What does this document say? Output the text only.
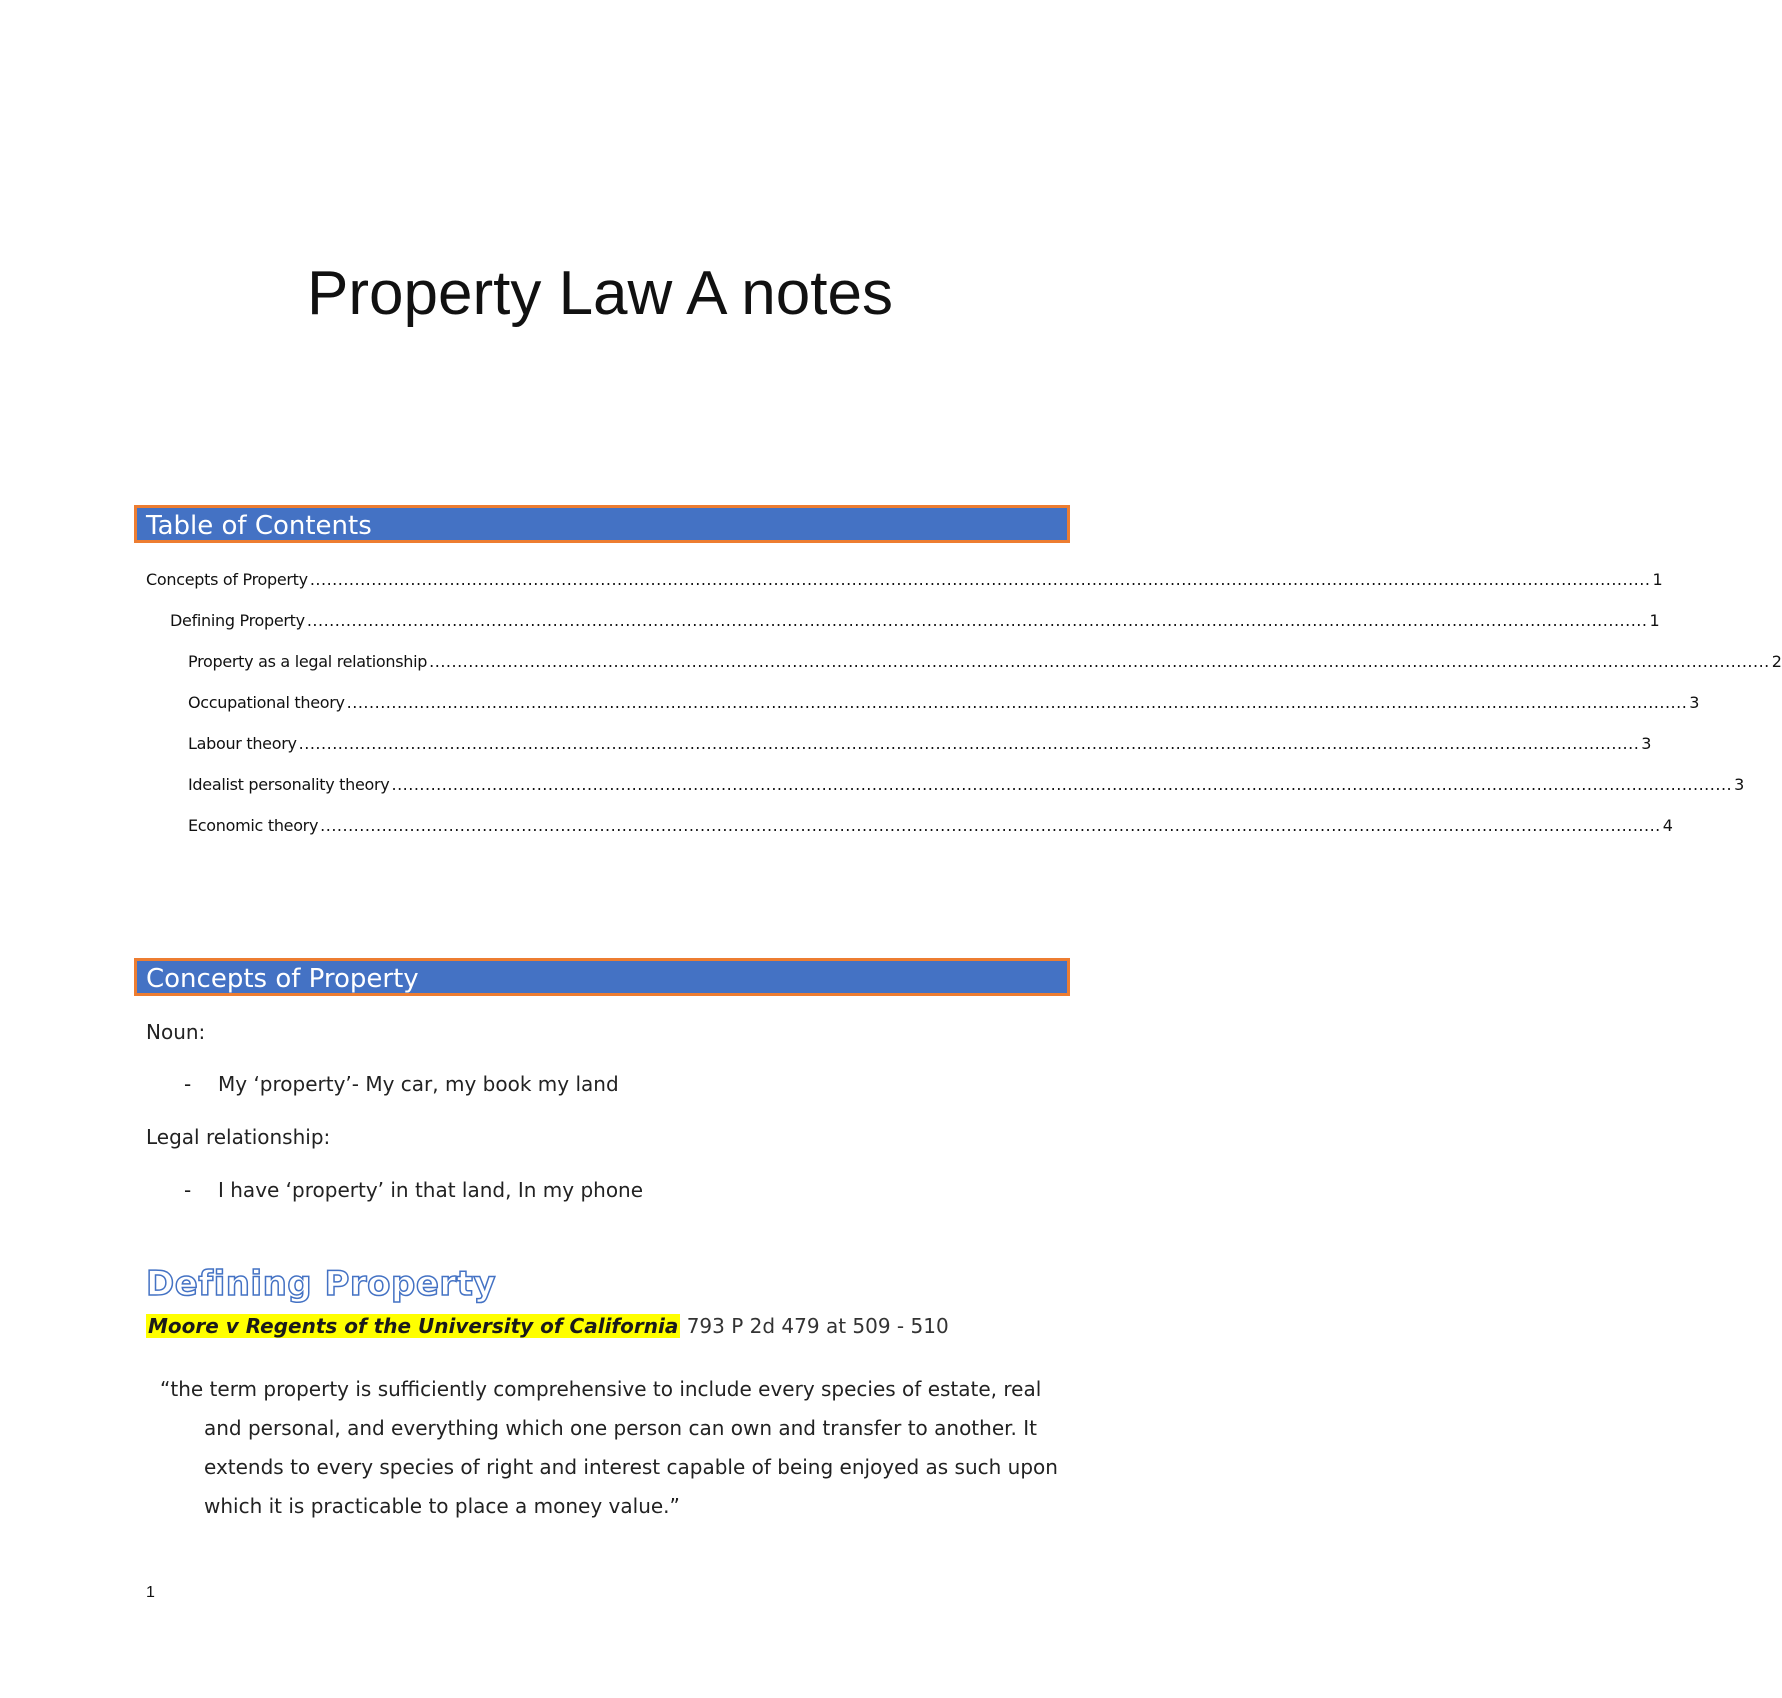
Property Law A notes
Table of Contents
Concepts of Property ................................................................................................................................................................................................................................................ 1
Defining Property ................................................................................................................................................................................................................................................ 1
Property as a legal relationship ................................................................................................................................................................................................................................................ 2
Occupational theory ................................................................................................................................................................................................................................................ 3
Labour theory ................................................................................................................................................................................................................................................ 3
Idealist personality theory ................................................................................................................................................................................................................................................ 3
Economic theory ................................................................................................................................................................................................................................................ 4
Concepts of Property
Noun:
- My ‘property’- My car, my book my land
Legal relationship:
- I have ‘property’ in that land, In my phone
Defining Property
Moore v Regents of the University of California 793 P 2d 479 at 509 - 510
“the term property is sufficiently comprehensive to include every species of estate, real and personal, and everything which one person can own and transfer to another. It extends to every species of right and interest capable of being enjoyed as such upon which it is practicable to place a money value.”
1
